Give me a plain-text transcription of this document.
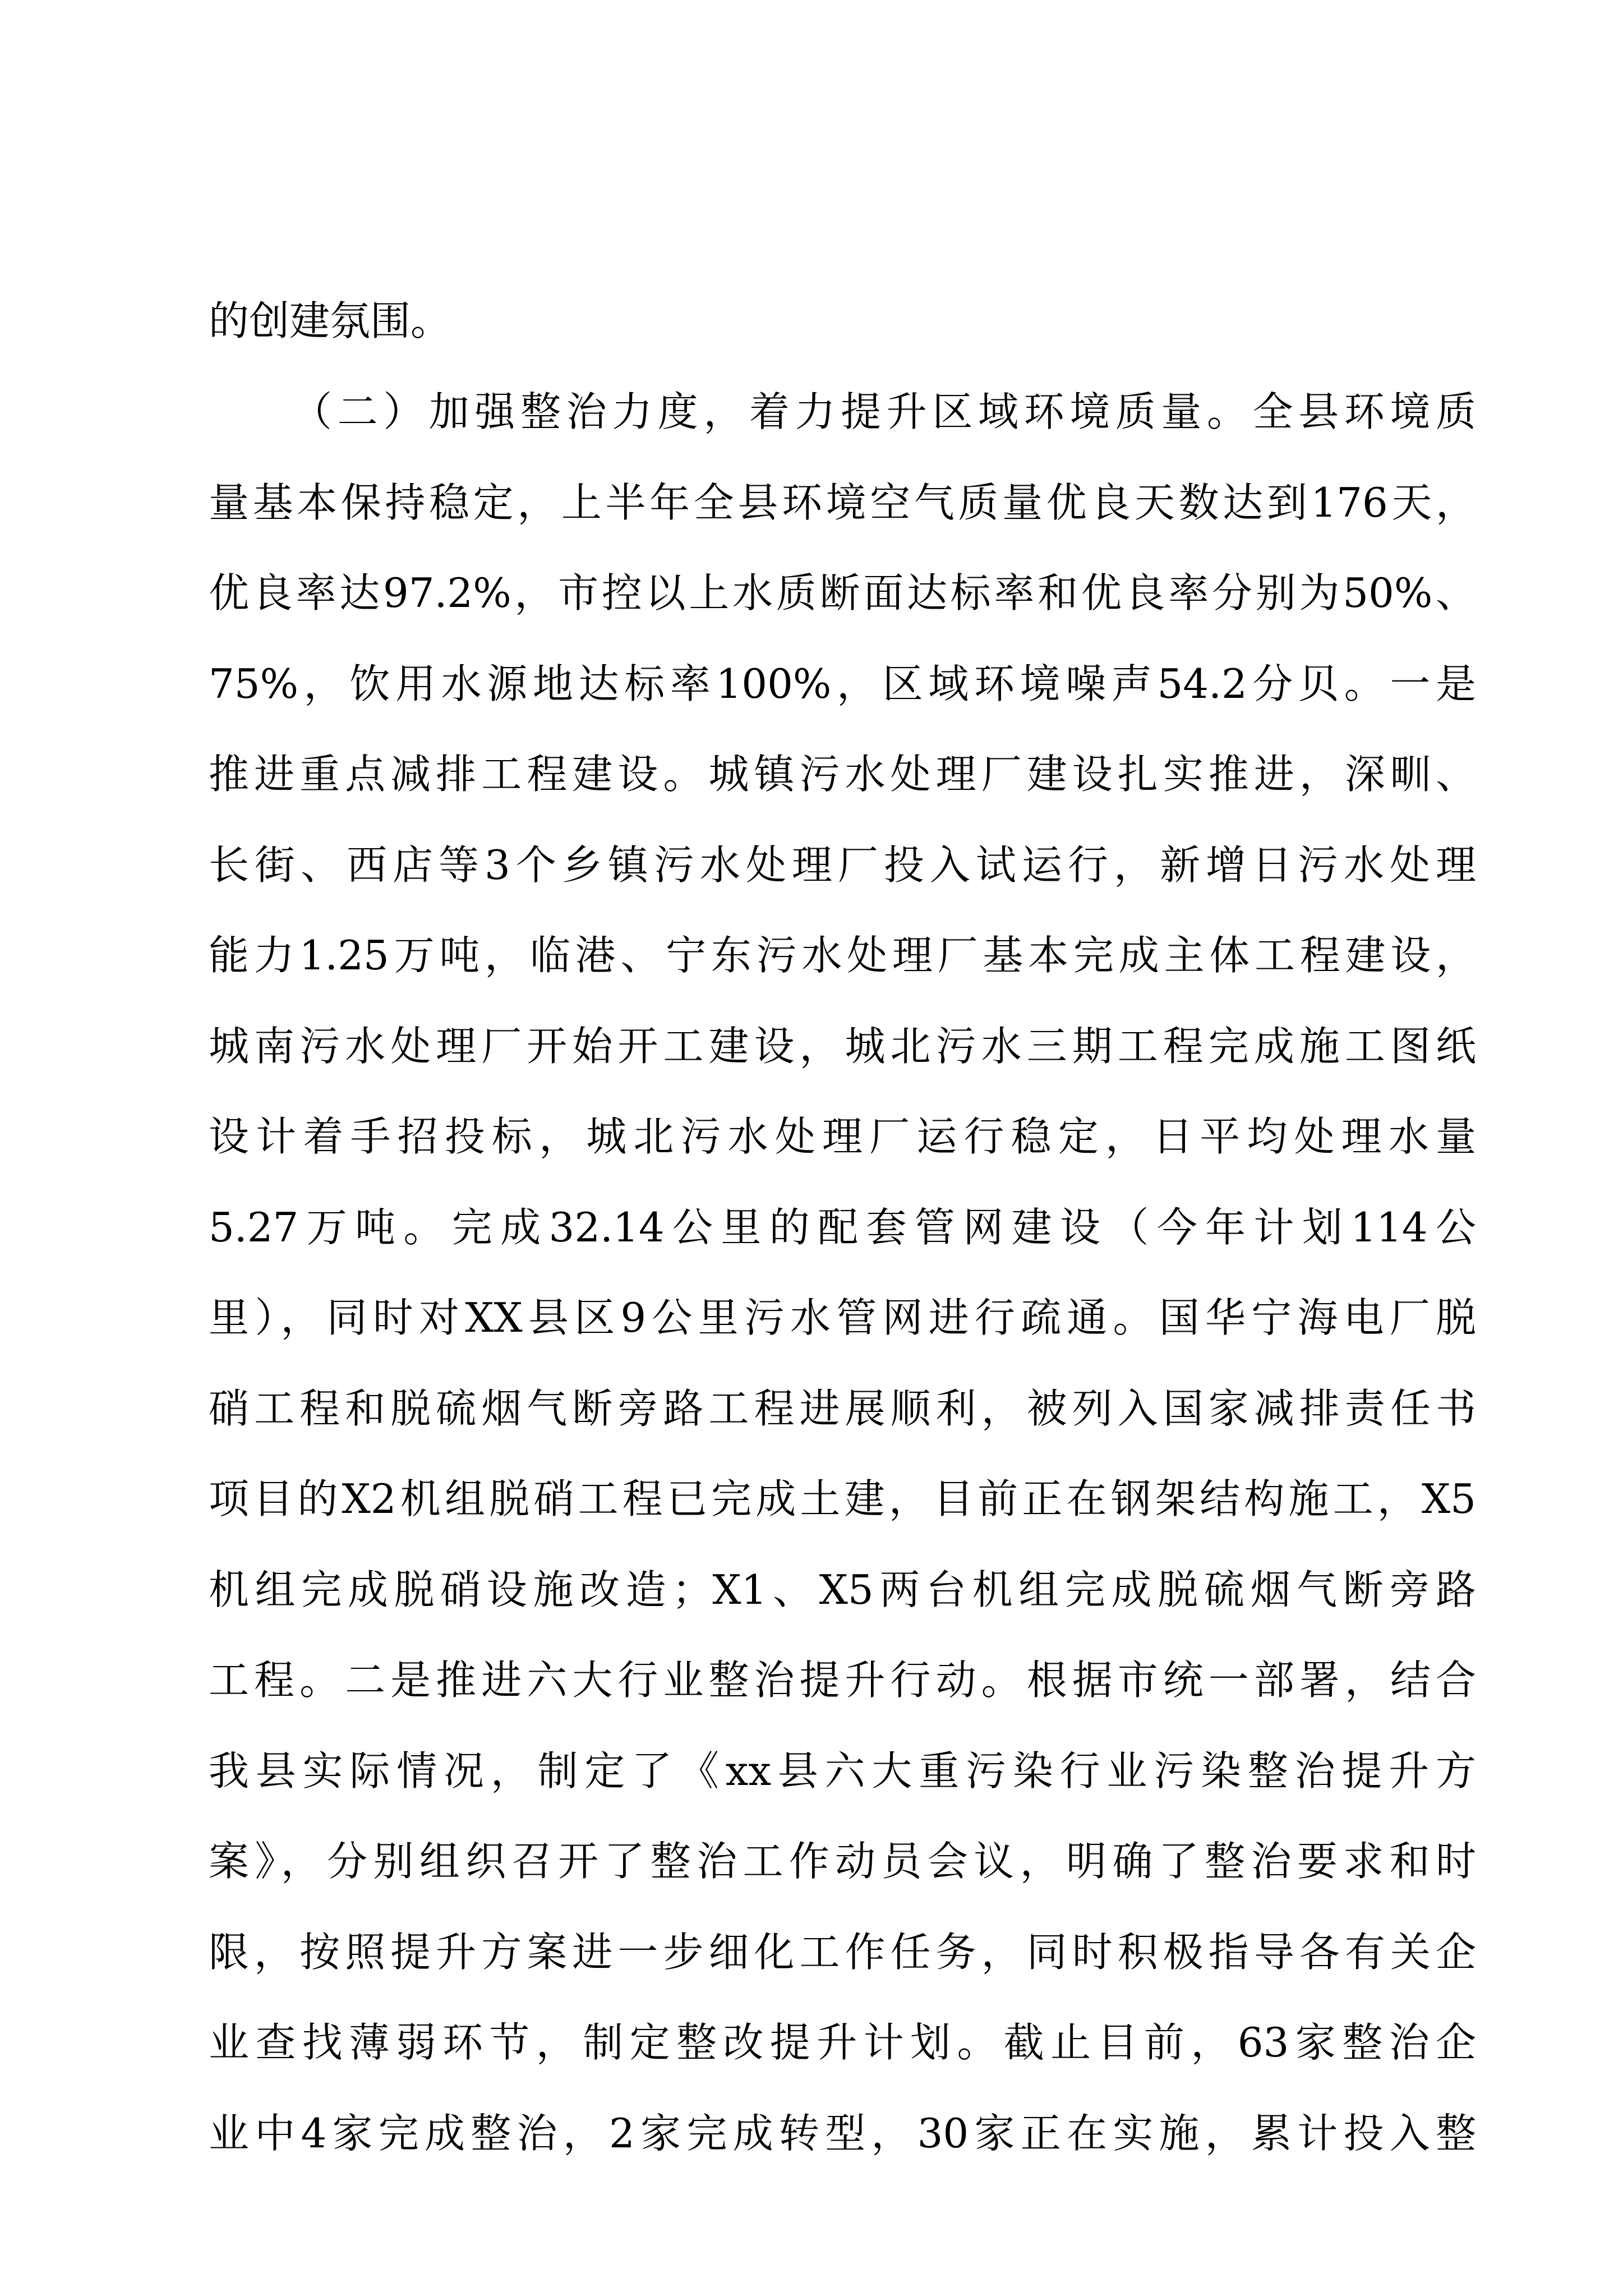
的创建氛围。
（二）加强整治力度，着力提升区域环境质量。全县环境质
量基本保持稳定，上半年全县环境空气质量优良天数达到176天，
优良率达97.2%，市控以上水质断面达标率和优良率分别为50%、
75%，饮用水源地达标率100%，区域环境噪声54.2分贝。一是
推进重点减排工程建设。城镇污水处理厂建设扎实推进，深甽、
长街、西店等3个乡镇污水处理厂投入试运行，新增日污水处理
能力1.25万吨，临港、宁东污水处理厂基本完成主体工程建设，
城南污水处理厂开始开工建设，城北污水三期工程完成施工图纸
设计着手招投标，城北污水处理厂运行稳定，日平均处理水量
5.27万吨。完成32.14公里的配套管网建设（今年计划114公
里），同时对XX县区9公里污水管网进行疏通。国华宁海电厂脱
硝工程和脱硫烟气断旁路工程进展顺利，被列入国家减排责任书
项目的X2机组脱硝工程已完成土建，目前正在钢架结构施工，X5
机组完成脱硝设施改造；X1、X5两台机组完成脱硫烟气断旁路
工程。二是推进六大行业整治提升行动。根据市统一部署，结合
我县实际情况，制定了《xx县六大重污染行业污染整治提升方
案》，分别组织召开了整治工作动员会议，明确了整治要求和时
限，按照提升方案进一步细化工作任务，同时积极指导各有关企
业查找薄弱环节，制定整改提升计划。截止目前，63家整治企
业中4家完成整治，2家完成转型，30家正在实施，累计投入整
